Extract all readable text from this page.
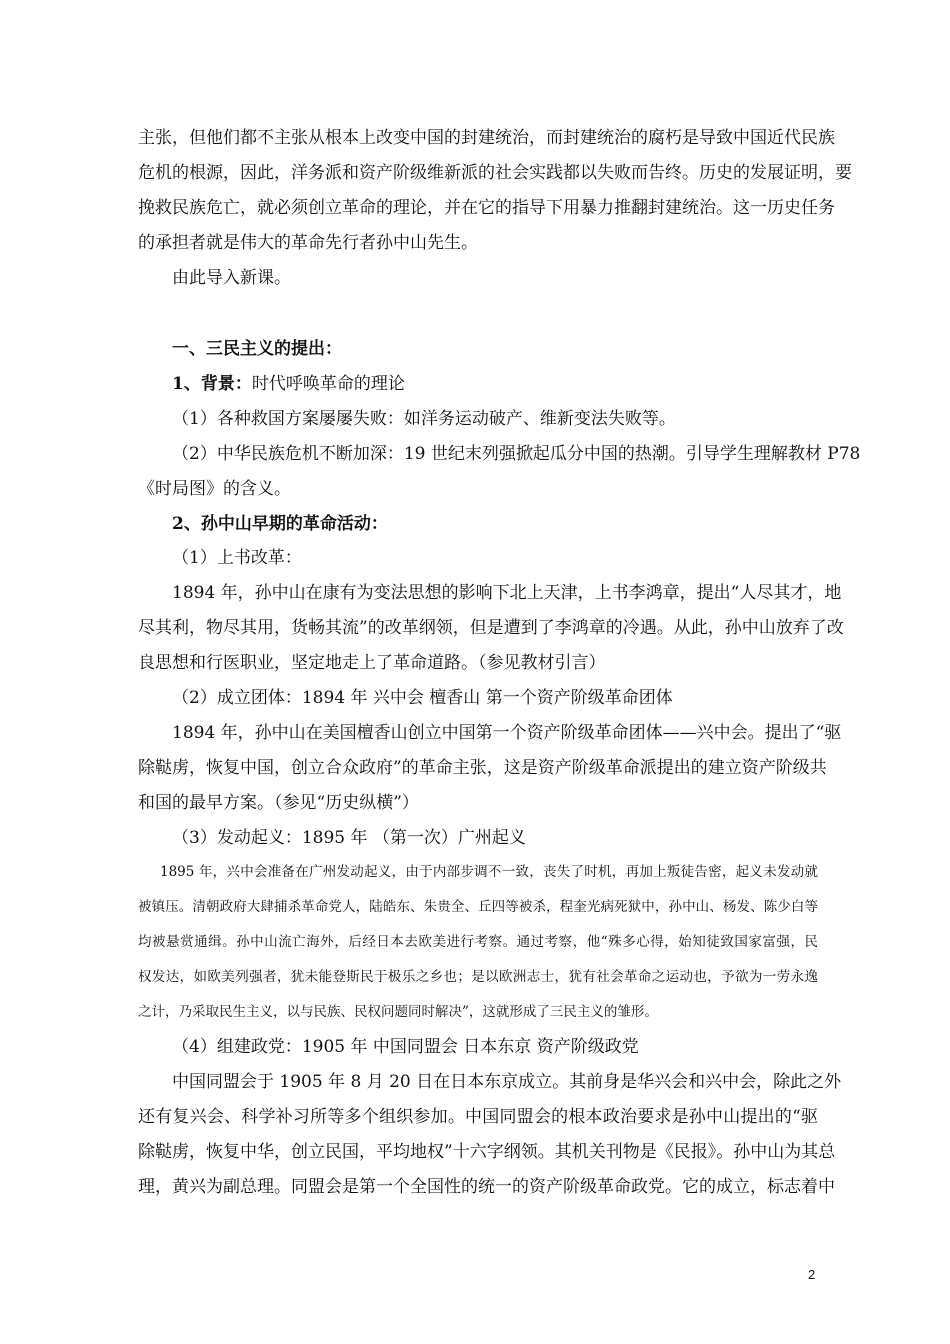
主张，但他们都不主张从根本上改变中国的封建统治，而封建统治的腐朽是导致中国近代民族
危机的根源，因此，洋务派和资产阶级维新派的社会实践都以失败而告终。历史的发展证明，要
挽救民族危亡，就必须创立革命的理论，并在它的指导下用暴力推翻封建统治。这一历史任务
的承担者就是伟大的革命先行者孙中山先生。
由此导入新课。
一、三民主义的提出：
1、背景：时代呼唤革命的理论
（1）各种救国方案屡屡失败：如洋务运动破产、维新变法失败等。
（2）中华民族危机不断加深：19 世纪末列强掀起瓜分中国的热潮。引导学生理解教材 P78
《时局图》的含义。
2、孙中山早期的革命活动：
（1）上书改革：
1894 年，孙中山在康有为变法思想的影响下北上天津，上书李鸿章，提出“人尽其才，地
尽其利，物尽其用，货畅其流”的改革纲领，但是遭到了李鸿章的冷遇。从此，孙中山放弃了改
良思想和行医职业，坚定地走上了革命道路。（参见教材引言）
（2）成立团体：1894 年 兴中会 檀香山 第一个资产阶级革命团体
1894 年，孙中山在美国檀香山创立中国第一个资产阶级革命团体——兴中会。提出了“驱
除鞑虏，恢复中国，创立合众政府”的革命主张，这是资产阶级革命派提出的建立资产阶级共
和国的最早方案。（参见“历史纵横”）
（3）发动起义：1895 年 （第一次）广州起义
1895 年，兴中会准备在广州发动起义，由于内部步调不一致，丧失了时机，再加上叛徒告密，起义未发动就
被镇压。清朝政府大肆捕杀革命党人，陆皓东、朱贵全、丘四等被杀，程奎光病死狱中，孙中山、杨发、陈少白等
均被悬赏通缉。孙中山流亡海外，后经日本去欧美进行考察。通过考察，他“殊多心得，始知徒致国家富强，民
权发达，如欧美列强者，犹未能登斯民于极乐之乡也；是以欧洲志士，犹有社会革命之运动也，予欲为一劳永逸
之计，乃采取民生主义，以与民族、民权问题同时解决”，这就形成了三民主义的雏形。
（4）组建政党：1905 年 中国同盟会 日本东京 资产阶级政党
中国同盟会于 1905 年 8 月 20 日在日本东京成立。其前身是华兴会和兴中会，除此之外
还有复兴会、科学补习所等多个组织参加。中国同盟会的根本政治要求是孙中山提出的“驱
除鞑虏，恢复中华，创立民国，平均地权”十六字纲领。其机关刊物是《民报》。孙中山为其总
理，黄兴为副总理。同盟会是第一个全国性的统一的资产阶级革命政党。它的成立，标志着中
2
